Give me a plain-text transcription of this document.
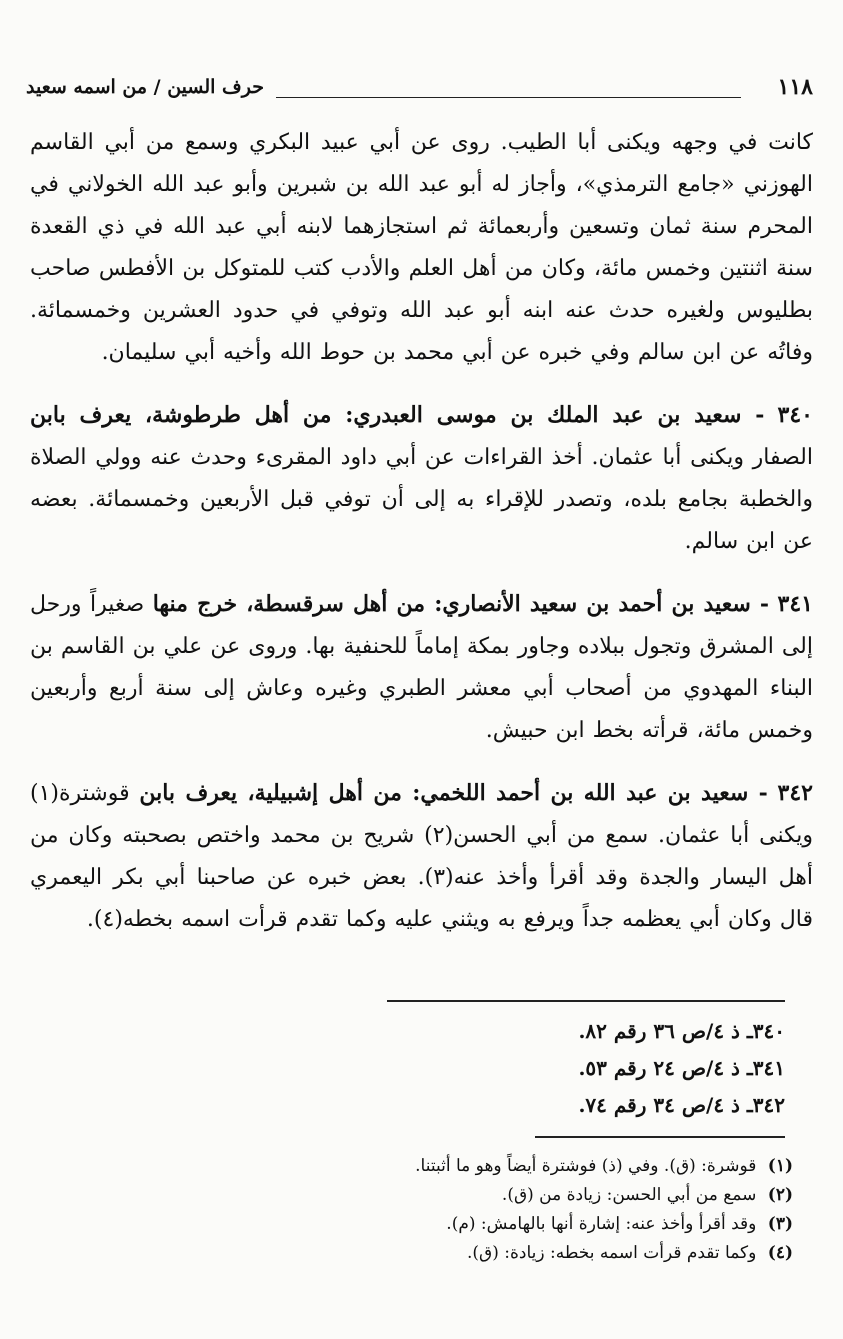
حرف السين / من اسمه سعيد	١١٨

كانت في وجهه ويكنى أبا الطيب. روى عن أبي عبيد البكري وسمع من أبي القاسم الهوزني «جامع الترمذي»، وأجاز له أبو عبد الله بن شبرين وأبو عبد الله الخولاني في المحرم سنة ثمان وتسعين وأربعمائة ثم استجازهما لابنه أبي عبد الله في ذي القعدة سنة اثنتين وخمس مائة، وكان من أهل العلم والأدب كتب للمتوكل بن الأفطس صاحب بطليوس ولغيره حدث عنه ابنه أبو عبد الله وتوفي في حدود العشرين وخمسمائة. وفاتُه عن ابن سالم وفي خبره عن أبي محمد بن حوط الله وأخيه أبي سليمان.

٣٤٠ - سعيد بن عبد الملك بن موسى العبدري: من أهل طرطوشة، يعرف بابن الصفار ويكنى أبا عثمان. أخذ القراءات عن أبي داود المقرىء وحدث عنه وولي الصلاة والخطبة بجامع بلده، وتصدر للإقراء به إلى أن توفي قبل الأربعين وخمسمائة. بعضه عن ابن سالم.

٣٤١ - سعيد بن أحمد بن سعيد الأنصاري: من أهل سرقسطة، خرج منها صغيراً ورحل إلى المشرق وتجول ببلاده وجاور بمكة إماماً للحنفية بها. وروى عن علي بن القاسم بن البناء المهدوي من أصحاب أبي معشر الطبري وغيره وعاش إلى سنة أربع وأربعين وخمس مائة، قرأته بخط ابن حبيش.

٣٤٢ - سعيد بن عبد الله بن أحمد اللخمي: من أهل إشبيلية، يعرف بابن قوشترة(١) ويكنى أبا عثمان. سمع من أبي الحسن(٢) شريح بن محمد واختص بصحبته وكان من أهل اليسار والجدة وقد أقرأ وأخذ عنه(٣). بعض خبره عن صاحبنا أبي بكر اليعمري قال وكان أبي يعظمه جداً ويرفع به ويثني عليه وكما تقدم قرأت اسمه بخطه(٤).

٣٤٠ـ ذ ٤/ص ٣٦ رقم ٨٢.
٣٤١ـ ذ ٤/ص ٢٤ رقم ٥٣.
٣٤٢ـ ذ ٤/ص ٣٤ رقم ٧٤.
(١) قوشرة: (ق). وفي (ذ) فوشترة أيضاً وهو ما أثبتنا.
(٢) سمع من أبي الحسن: زيادة من (ق).
(٣) وقد أقرأ وأخذ عنه: إشارة أنها بالهامش: (م).
(٤) وكما تقدم قرأت اسمه بخطه: زيادة: (ق).
